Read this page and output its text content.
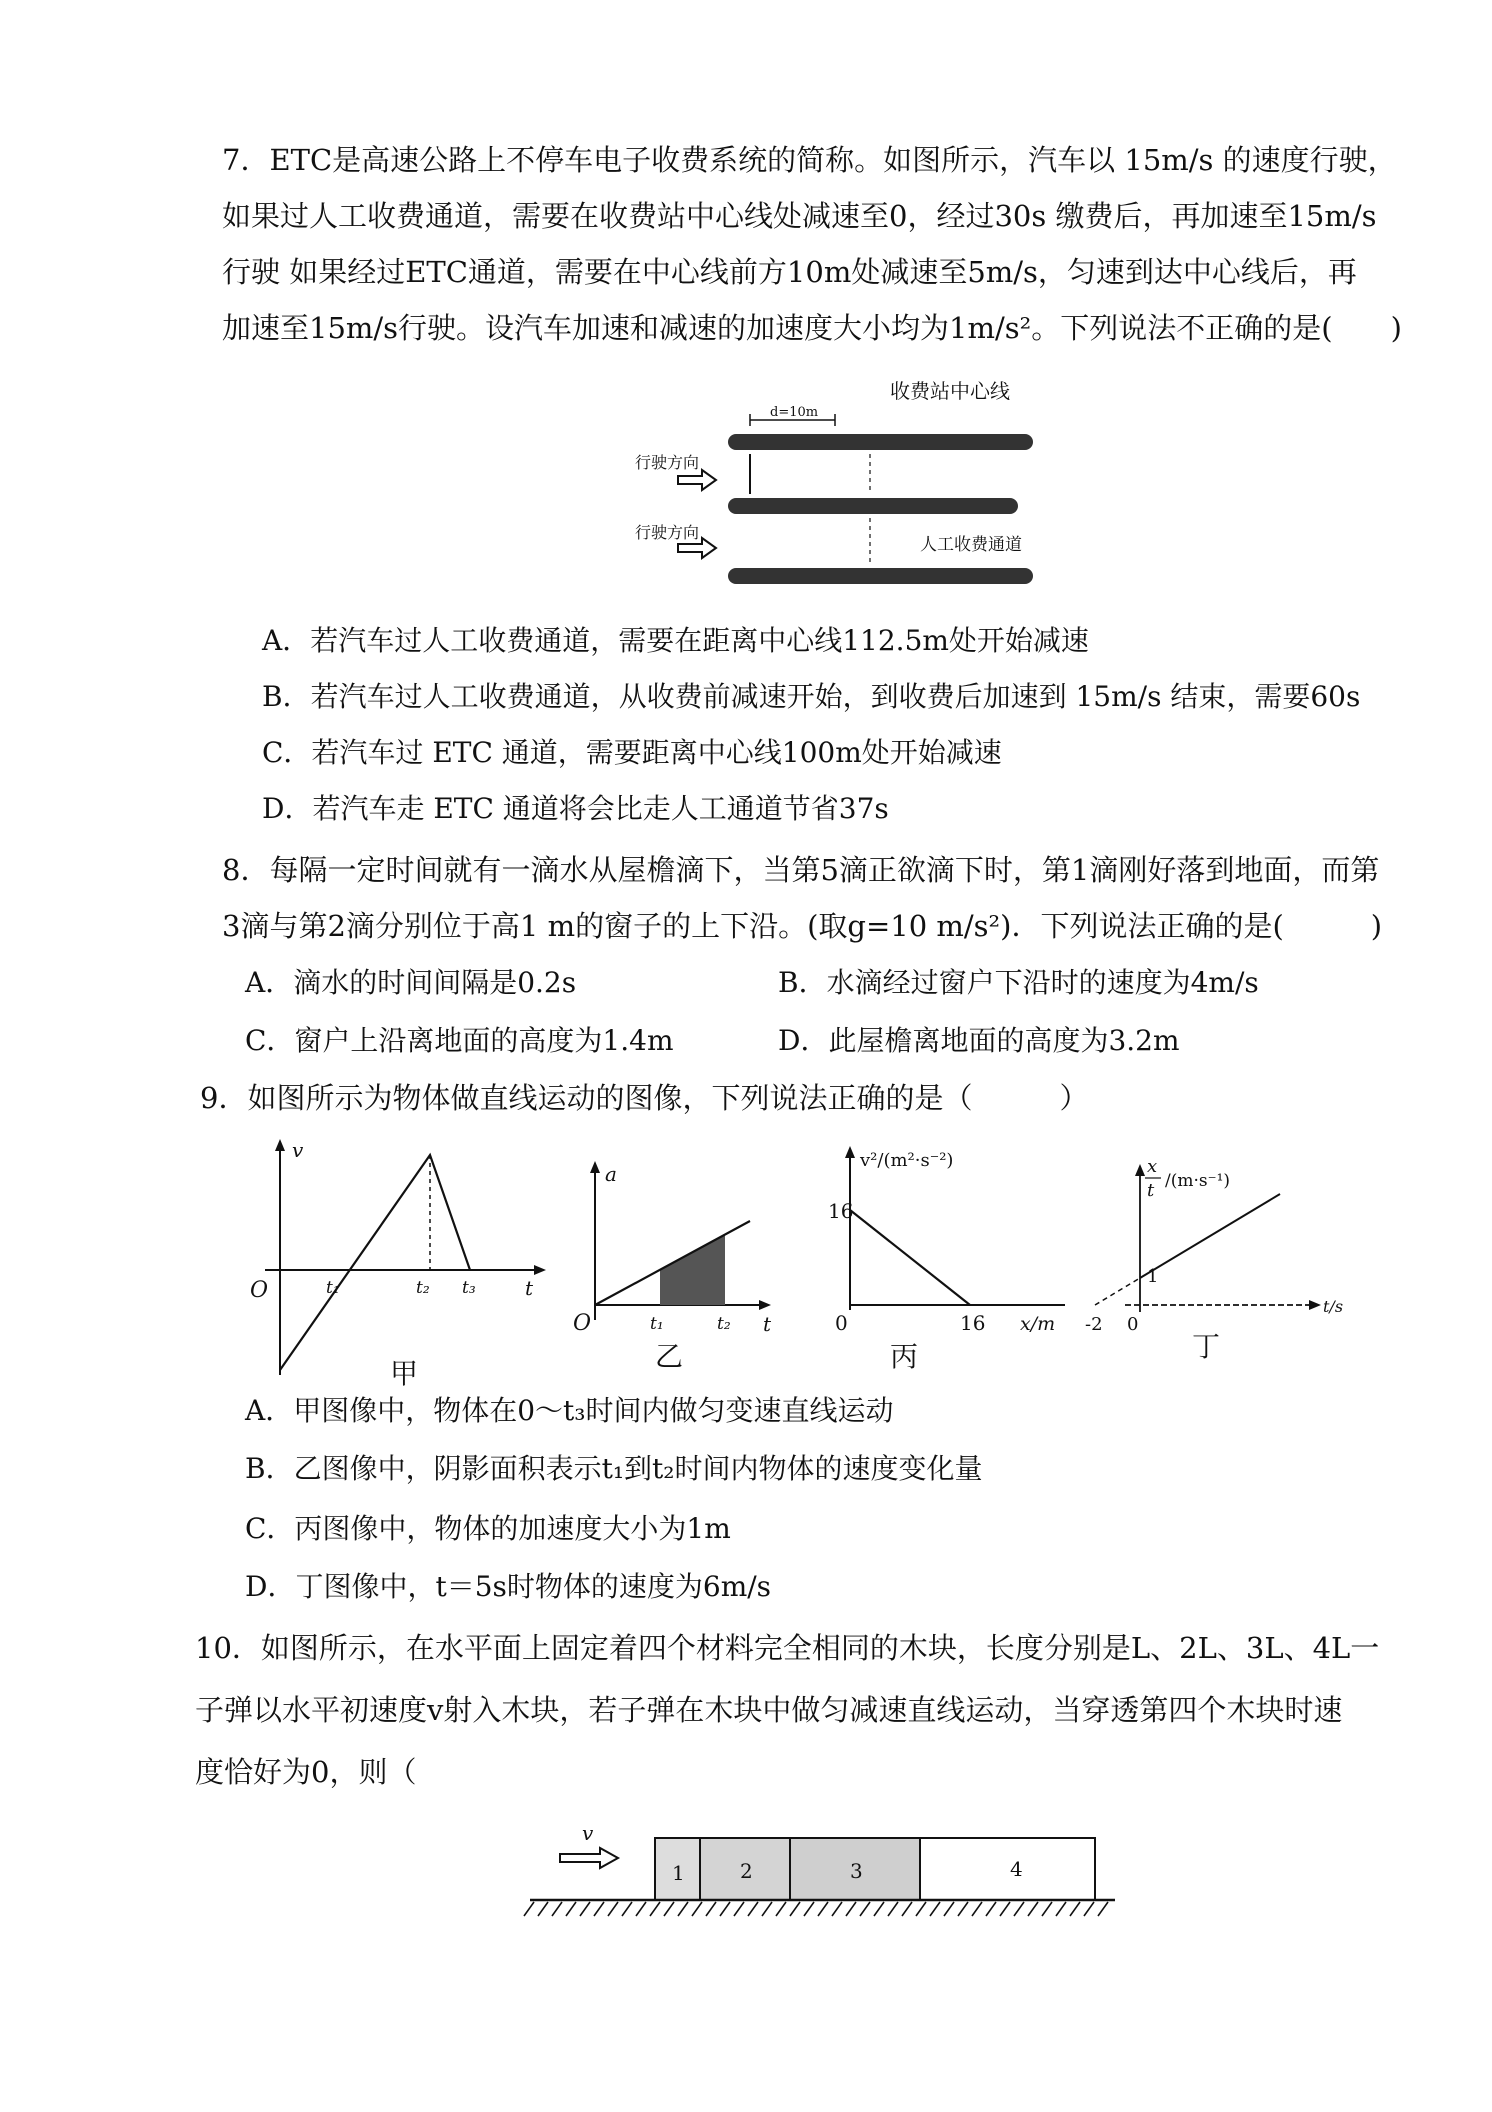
7．ETC是高速公路上不停车电子收费系统的简称。如图所示，汽车以 15m/s 的速度行驶，
如果过人工收费通道，需要在收费站中心线处减速至0，经过30s 缴费后，再加速至15m/s
行驶 如果经过ETC通道，需要在中心线前方10m处减速至5m/s，匀速到达中心线后，再
加速至15m/s行驶。设汽车加速和减速的加速度大小均为1m/s²。下列说法不正确的是(　　)
收费站中心线
d=10m
行驶方向
行驶方向
人工收费通道
A．若汽车过人工收费通道，需要在距离中心线112.5m处开始减速
B．若汽车过人工收费通道，从收费前减速开始，到收费后加速到 15m/s 结束，需要60s
C．若汽车过 ETC 通道，需要距离中心线100m处开始减速
D．若汽车走 ETC 通道将会比走人工通道节省37s
8．每隔一定时间就有一滴水从屋檐滴下，当第5滴正欲滴下时，第1滴刚好落到地面，而第
3滴与第2滴分别位于高1 m的窗子的上下沿。(取g=10 m/s²)．下列说法正确的是(　　　)
A．滴水的时间间隔是0.2s	B．水滴经过窗户下沿时的速度为4m/s
C．窗户上沿离地面的高度为1.4m	D．此屋檐离地面的高度为3.2m
9．如图所示为物体做直线运动的图像，下列说法正确的是（　　　）
v
O	t₁	t₂ t₃ t
甲
a
O	t₁	t₂ t
乙
v²/(m²·s⁻²)
16
0	16 x/m
丙
x
t /(m·s⁻¹)
1
-2 0
t/s
丁
A．甲图像中，物体在0～t₃时间内做匀变速直线运动
B．乙图像中，阴影面积表示t₁到t₂时间内物体的速度变化量
C．丙图像中，物体的加速度大小为1m
D．丁图像中，t＝5s时物体的速度为6m/s
10．如图所示，在水平面上固定着四个材料完全相同的木块，长度分别是L、2L、3L、4L一
子弹以水平初速度v射入木块，若子弹在木块中做匀减速直线运动，当穿透第四个木块时速
度恰好为0，则（
v
1	2	3	4
